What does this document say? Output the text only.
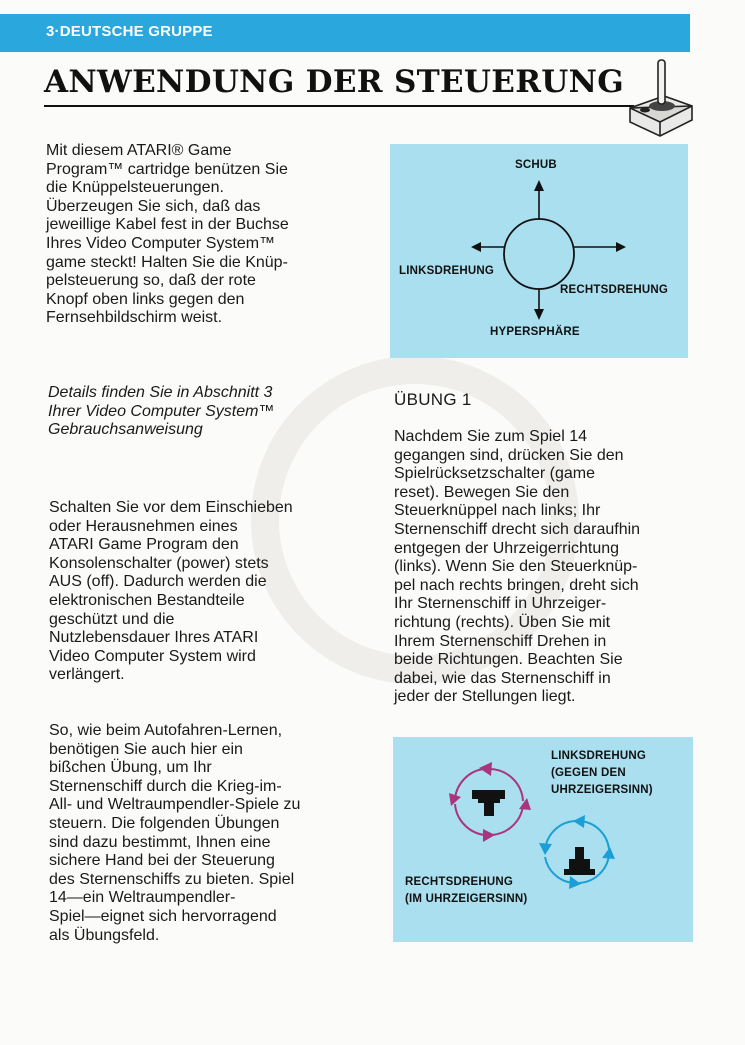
3·DEUTSCHE GRUPPE
ANWENDUNG DER STEUERUNG

Mit diesem ATARI® Game
Program™ cartridge benützen Sie
die Knüppelsteuerungen.
Überzeugen Sie sich, daß das
jeweillige Kabel fest in der Buchse
Ihres Video Computer System™
game steckt! Halten Sie die Knüp-
pelsteuerung so, daß der rote
Knopf oben links gegen den
Fernsehbildschirm weist.

Details finden Sie in Abschnitt 3
Ihrer Video Computer System™
Gebrauchsanweisung

Schalten Sie vor dem Einschieben
oder Herausnehmen eines
ATARI Game Program den
Konsolenschalter (power) stets
AUS (off). Dadurch werden die
elektronischen Bestandteile
geschützt und die
Nutzlebensdauer Ihres ATARI
Video Computer System wird
verlängert.

So, wie beim Autofahren-Lernen,
benötigen Sie auch hier ein
bißchen Übung, um Ihr
Sternenschiff durch die Krieg-im-
All- und Weltraumpendler-Spiele zu
steuern. Die folgenden Übungen
sind dazu bestimmt, Ihnen eine
sichere Hand bei der Steuerung
des Sternenschiffs zu bieten. Spiel
14—ein Weltraumpendler-
Spiel—eignet sich hervorragend
als Übungsfeld.

SCHUB
LINKSDREHUNG
RECHTSDREHUNG
HYPERSPHÄRE
ÜBUNG 1

Nachdem Sie zum Spiel 14
gegangen sind, drücken Sie den
Spielrücksetzschalter (game
reset). Bewegen Sie den
Steuerknüppel nach links; Ihr
Sternenschiff drecht sich daraufhin
entgegen der Uhrzeigerrichtung
(links). Wenn Sie den Steuerknüp-
pel nach rechts bringen, dreht sich
Ihr Sternenschiff in Uhrzeiger-
richtung (rechts). Üben Sie mit
Ihrem Sternenschiff Drehen in
beide Richtungen. Beachten Sie
dabei, wie das Sternenschiff in
jeder der Stellungen liegt.

LINKSDREHUNG
(GEGEN DEN
UHRZEIGERSINN)

RECHTSDREHUNG
(IM UHRZEIGERSINN)
